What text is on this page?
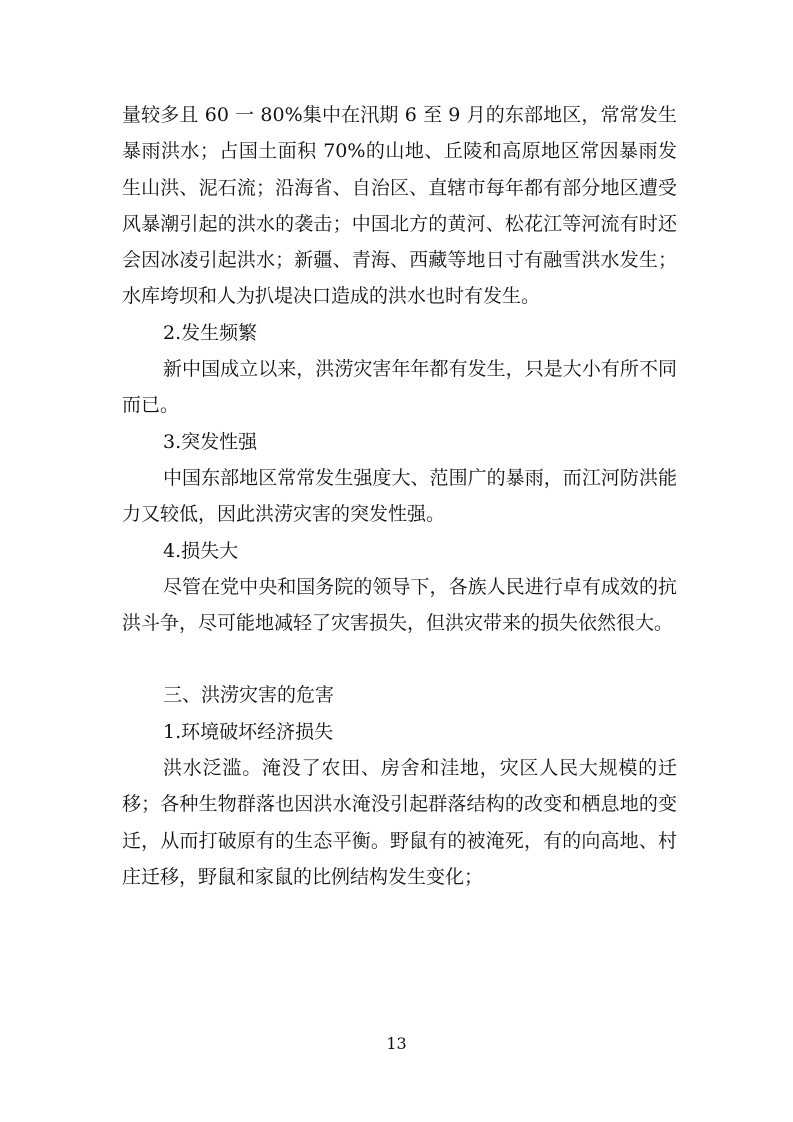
量较多且 60 一 80%集中在汛期 6 至 9 月的东部地区，常常发生暴雨洪水；占国土面积 70%的山地、丘陵和高原地区常因暴雨发生山洪、泥石流；沿海省、自治区、直辖市每年都有部分地区遭受风暴潮引起的洪水的袭击；中国北方的黄河、松花江等河流有时还会因冰凌引起洪水；新疆、青海、西藏等地日寸有融雪洪水发生；水库垮坝和人为扒堤决口造成的洪水也时有发生。

2.发生频繁

新中国成立以来，洪涝灾害年年都有发生，只是大小有所不同而已。

3.突发性强

中国东部地区常常发生强度大、范围广的暴雨，而江河防洪能力又较低，因此洪涝灾害的突发性强。

4.损失大

尽管在党中央和国务院的领导下，各族人民进行卓有成效的抗洪斗争，尽可能地减轻了灾害损失，但洪灾带来的损失依然很大。

三、洪涝灾害的危害

1.环境破坏经济损失

洪水泛滥。淹没了农田、房舍和洼地，灾区人民大规模的迁移；各种生物群落也因洪水淹没引起群落结构的改变和栖息地的变迁，从而打破原有的生态平衡。野鼠有的被淹死，有的向高地、村庄迁移，野鼠和家鼠的比例结构发生变化；

13
